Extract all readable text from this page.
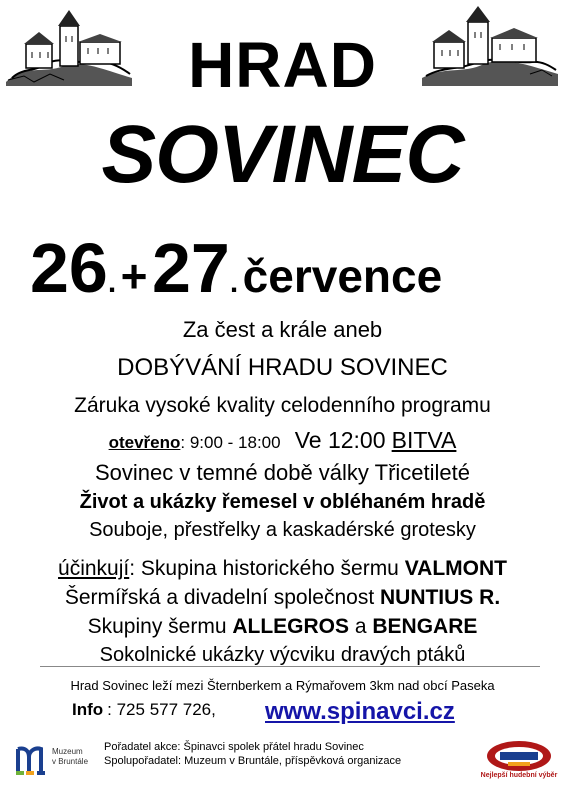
HRAD
SOVINEC
26. + 27. července
Za čest a krále aneb
DOBÝVÁNÍ HRADU SOVINEC
Záruka vysoké kvality celodenního programu
otevřeno: 9:00 - 18:00 Ve 12:00 BITVA
Sovinec v temné době války Třicetileté
Život a ukázky řemesel v obléhaném hradě
Souboje, přestřelky a kaskadérské grotesky
účinkují: Skupina historického šermu VALMONT
Šermířská a divadelní společnost NUNTIUS R.
Skupiny šermu ALLEGROS a BENGARE
Sokolnické ukázky výcviku dravých ptáků
Hrad Sovinec leží mezi Šternberkem a Rýmařovem 3km nad obcí Paseka
Info : 725 577 726, www.spinavci.cz
Muzeum
v Bruntále
Pořadatel akce: Špinavci spolek přátel hradu Sovinec
Spolupořadatel: Muzeum v Bruntále, příspěvková organizace
Nejlepší hudební výběr
